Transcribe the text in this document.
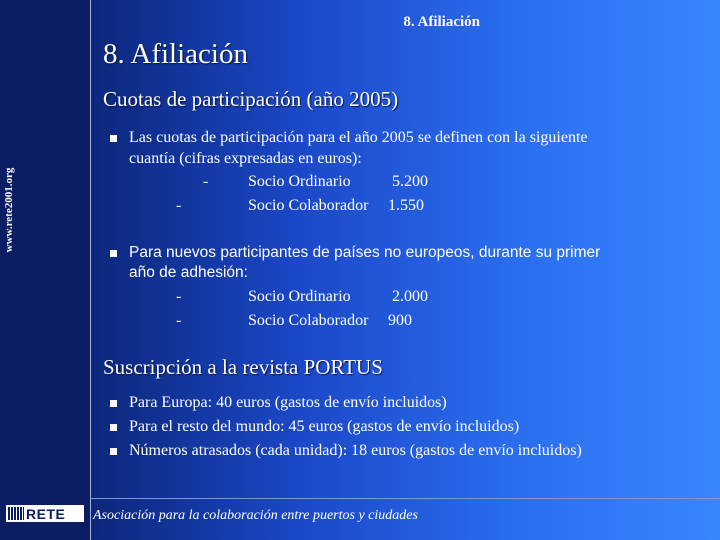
www.rete2001.org
RETE
8. Afiliación
8. Afiliación
Cuotas de participación (año 2005)
Las cuotas de participación para el año 2005 se definen con la siguiente
cuantía (cifras expresadas en euros):
- Socio Ordinario	5.200
-	Socio Colaborador 1.550
Para nuevos participantes de países no europeos, durante su primer
año de adhesión:
-	Socio Ordinario	2.000
-	Socio Colaborador 900
Suscripción a la revista PORTUS
Para Europa: 40 euros (gastos de envío incluidos)
Para el resto del mundo: 45 euros (gastos de envío incluidos)
Números atrasados (cada unidad): 18 euros (gastos de envío incluidos)
Asociación para la colaboración entre puertos y ciudades
